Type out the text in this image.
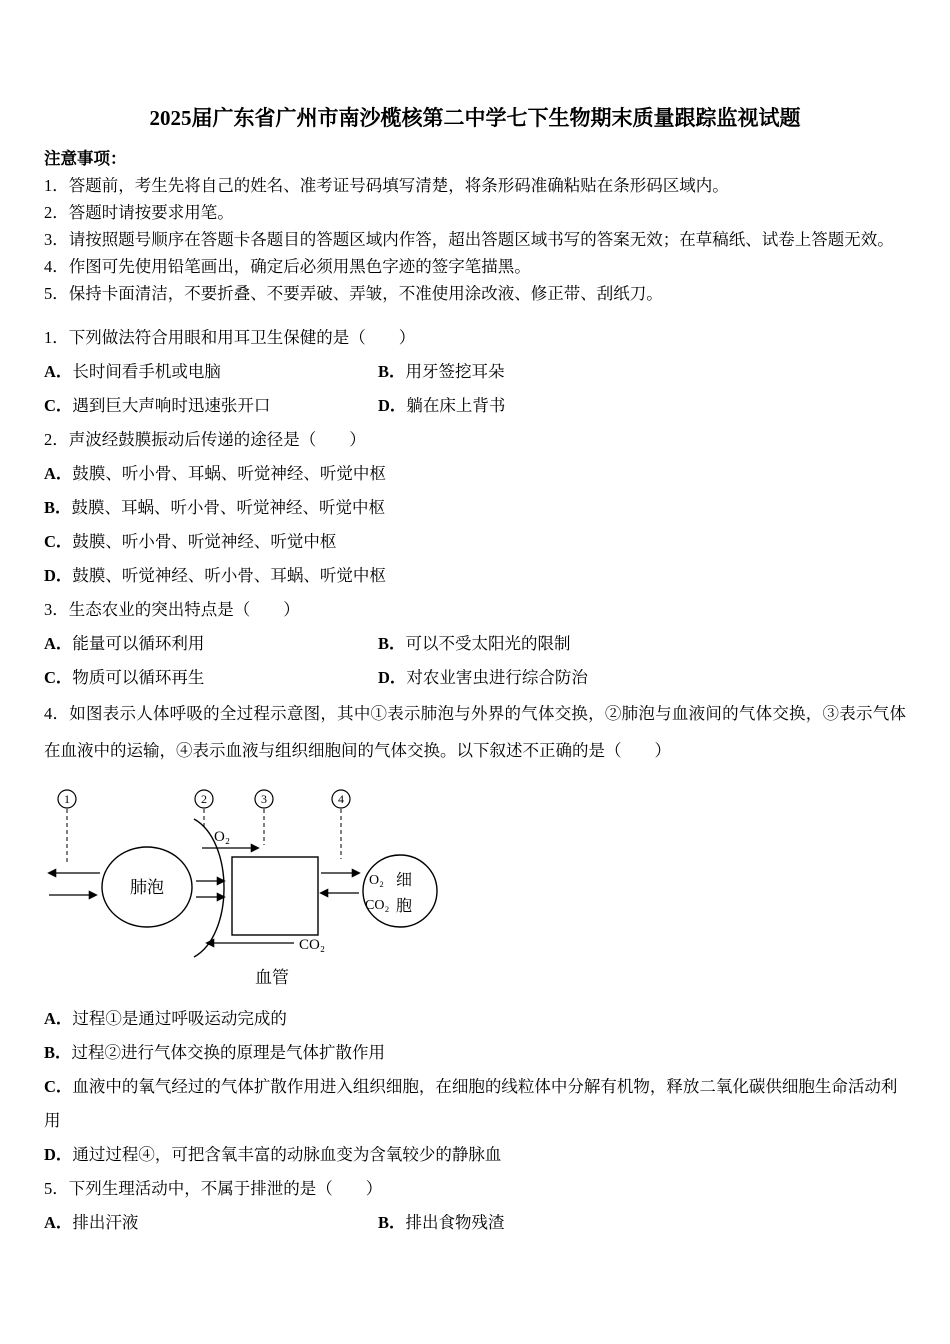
2025届广东省广州市南沙榄核第二中学七下生物期末质量跟踪监视试题
注意事项：
1．答题前，考生先将自己的姓名、准考证号码填写清楚，将条形码准确粘贴在条形码区域内。
2．答题时请按要求用笔。
3．请按照题号顺序在答题卡各题目的答题区域内作答，超出答题区域书写的答案无效；在草稿纸、试卷上答题无效。
4．作图可先使用铅笔画出，确定后必须用黑色字迹的签字笔描黑。
5．保持卡面清洁，不要折叠、不要弄破、弄皱，不准使用涂改液、修正带、刮纸刀。
1．下列做法符合用眼和用耳卫生保健的是（　　）
A．长时间看手机或电脑	B．用牙签挖耳朵
C．遇到巨大声响时迅速张开口	D．躺在床上背书
2．声波经鼓膜振动后传递的途径是（　　）
A．鼓膜、听小骨、耳蜗、听觉神经、听觉中枢
B．鼓膜、耳蜗、听小骨、听觉神经、听觉中枢
C．鼓膜、听小骨、听觉神经、听觉中枢
D．鼓膜、听觉神经、听小骨、耳蜗、听觉中枢
3．生态农业的突出特点是（　　）
A．能量可以循环利用	B．可以不受太阳光的限制
C．物质可以循环再生	D．对农业害虫进行综合防治
4．如图表示人体呼吸的全过程示意图，其中①表示肺泡与外界的气体交换，②肺泡与血液间的气体交换，③表示气体在血液中的运输，④表示血液与组织细胞间的气体交换。以下叙述不正确的是（　　）
1	2	3	4
肺泡
O₂
CO₂
O₂ 细
CO₂ 胞
血管
A．过程①是通过呼吸运动完成的
B．过程②进行气体交换的原理是气体扩散作用
C．血液中的氧气经过的气体扩散作用进入组织细胞，在细胞的线粒体中分解有机物，释放二氧化碳供细胞生命活动利用
D．通过过程④，可把含氧丰富的动脉血变为含氧较少的静脉血
5．下列生理活动中，不属于排泄的是（　　）
A．排出汗液	B．排出食物残渣
